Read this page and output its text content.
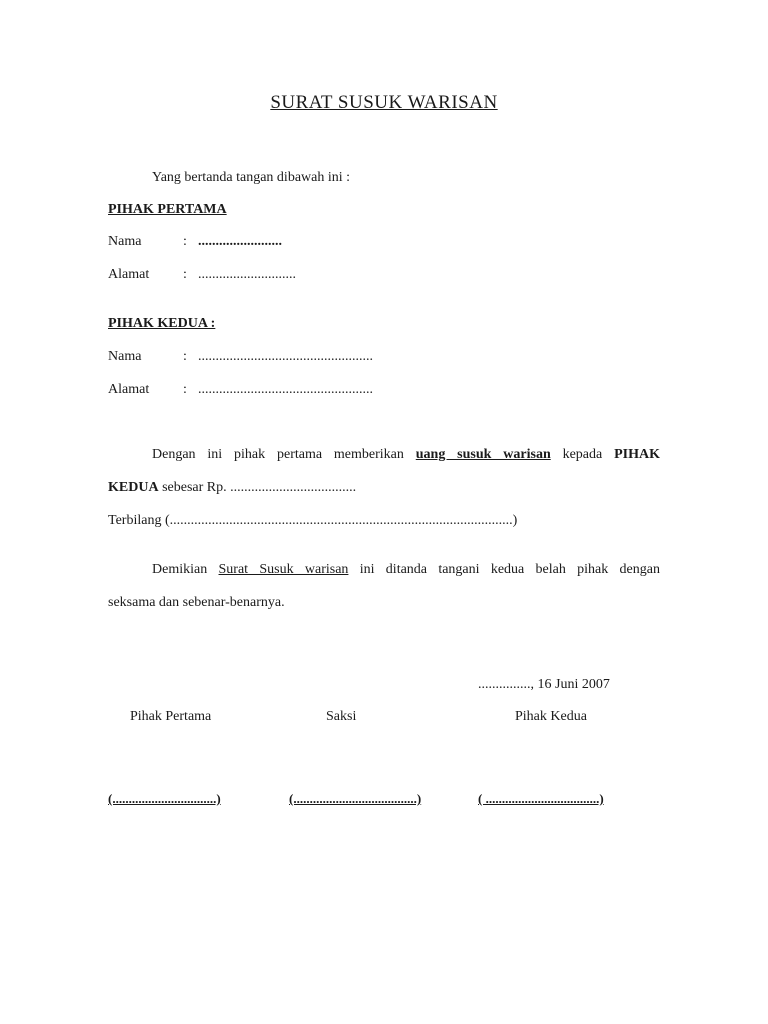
SURAT SUSUK WARISAN
Yang bertanda tangan dibawah ini :
PIHAK PERTAMA
Nama	: ........................
Alamat : ............................
PIHAK KEDUA :
Nama	: ..................................................
Alamat : ..................................................
Dengan ini pihak pertama memberikan uang susuk warisan kepada PIHAK
KEDUA sebesar Rp. ....................................
Terbilang (..................................................................................................)
Demikian Surat Susuk warisan ini ditanda tangani kedua belah pihak dengan
seksama dan sebenar-benarnya.
..............., 16 Juni 2007
Pihak Pertama	Saksi	Pihak Kedua
(................................)	(......................................)	( ...................................)
